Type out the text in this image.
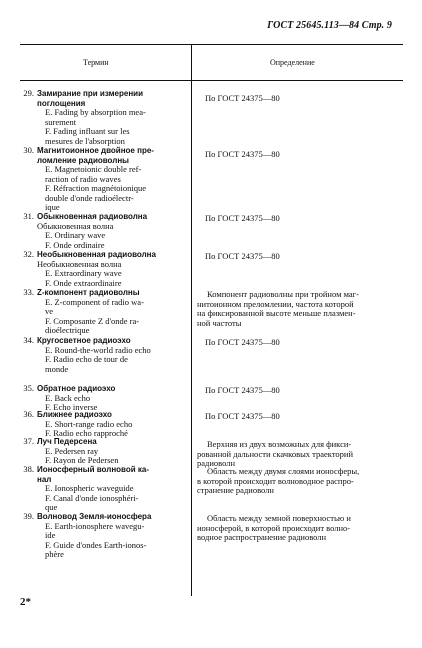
ГОСТ 25645.113—84 Стр. 9
Термин	Определение
29. Замирание при измерении
поглощения
E. Fading by absorption mea-
surement
F. Fading influant sur les
mesures de l'absorption
По ГОСТ 24375—80
30. Магнитоионное двойное пре-
ломление радиоволны
E. Magnetoionic double ref-
raction of radio waves
F. Réfraction magnétoionique
double d'onde radioélectr-
ique
По ГОСТ 24375—80
31. Обыкновенная радиоволна
Обыкновенная волна
E. Ordinary wave
F. Onde ordinaire
По ГОСТ 24375—80
32. Необыкновенная радиоволна
Необыкновенная волна
E. Extraordinary wave
F. Onde extraordinaire
По ГОСТ 24375—80
33. Z-компонент радиоволны
E. Z-component of radio wa-
ve
F. Composante Z d'onde ra-
dioélectrique
Компонент радиоволны при тройном маг-
нитоионном преломлении, частота которой
на фиксированной высоте меньше плазмен-
ной частоты
34. Кругосветное радиоэхо
E. Round-the-world radio echo
F. Radio echo de tour de
monde
По ГОСТ 24375—80
35. Обратное радиоэхо
E. Back echo
F. Echo inverse
По ГОСТ 24375—80
36. Ближнее радиоэхо
E. Short-range radio echo
F. Radio echo rapproché
По ГОСТ 24375—80
37. Луч Педерсена
E. Pedersen ray
F. Rayon de Pedersen
Верхняя из двух возможных для фикси-
рованной дальности скачковых траекторий
радиоволн
38. Ионосферный волновой ка-
нал
E. Ionospheric waveguide
F. Canal d'onde ionosphéri-
que
Область между двумя слоями ионосферы,
в которой происходит волноводное распро-
странение радиоволн
39. Волновод Земля-ионосфера
E. Earth-ionosphere wavegu-
ide
F. Guide d'ondes Earth-ionos-
phère
Область между земной поверхностью и
ионосферой, в которой происходит волно-
водное распространение радиоволн
2*
